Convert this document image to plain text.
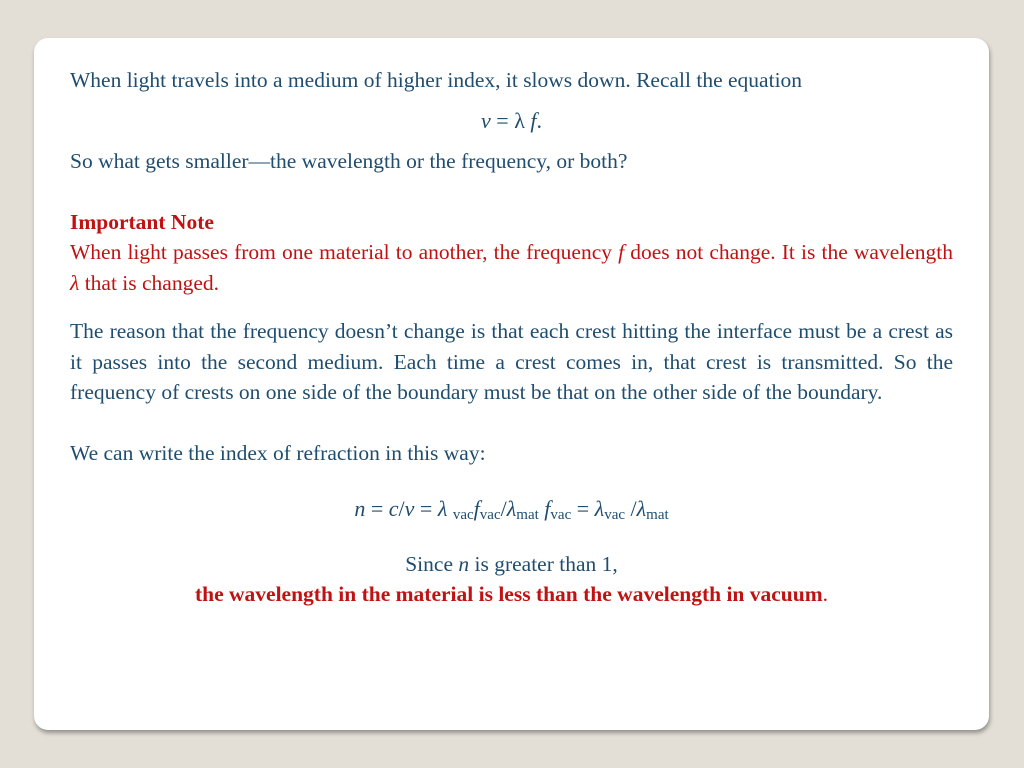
When light travels into a medium of higher index, it slows down. Recall the equation

v = λ f.

So what gets smaller—the wavelength or the frequency, or both?

Important Note

When light passes from one material to another, the frequency f does not change. It is the wavelength λ that is changed.

The reason that the frequency doesn’t change is that each crest hitting the interface must be a crest as it passes into the second medium. Each time a crest comes in, that crest is transmitted. So the frequency of crests on one side of the boundary must be that on the other side of the boundary.

We can write the index of refraction in this way:

n = c/v = λ $_{vac}f_{vac}/\lambda_{mat}$ $f_{vac} = \lambda_{vac}$ $/\lambda_{mat}$

Since n is greater than 1,

the wavelength in the material is less than the wavelength in vacuum.
